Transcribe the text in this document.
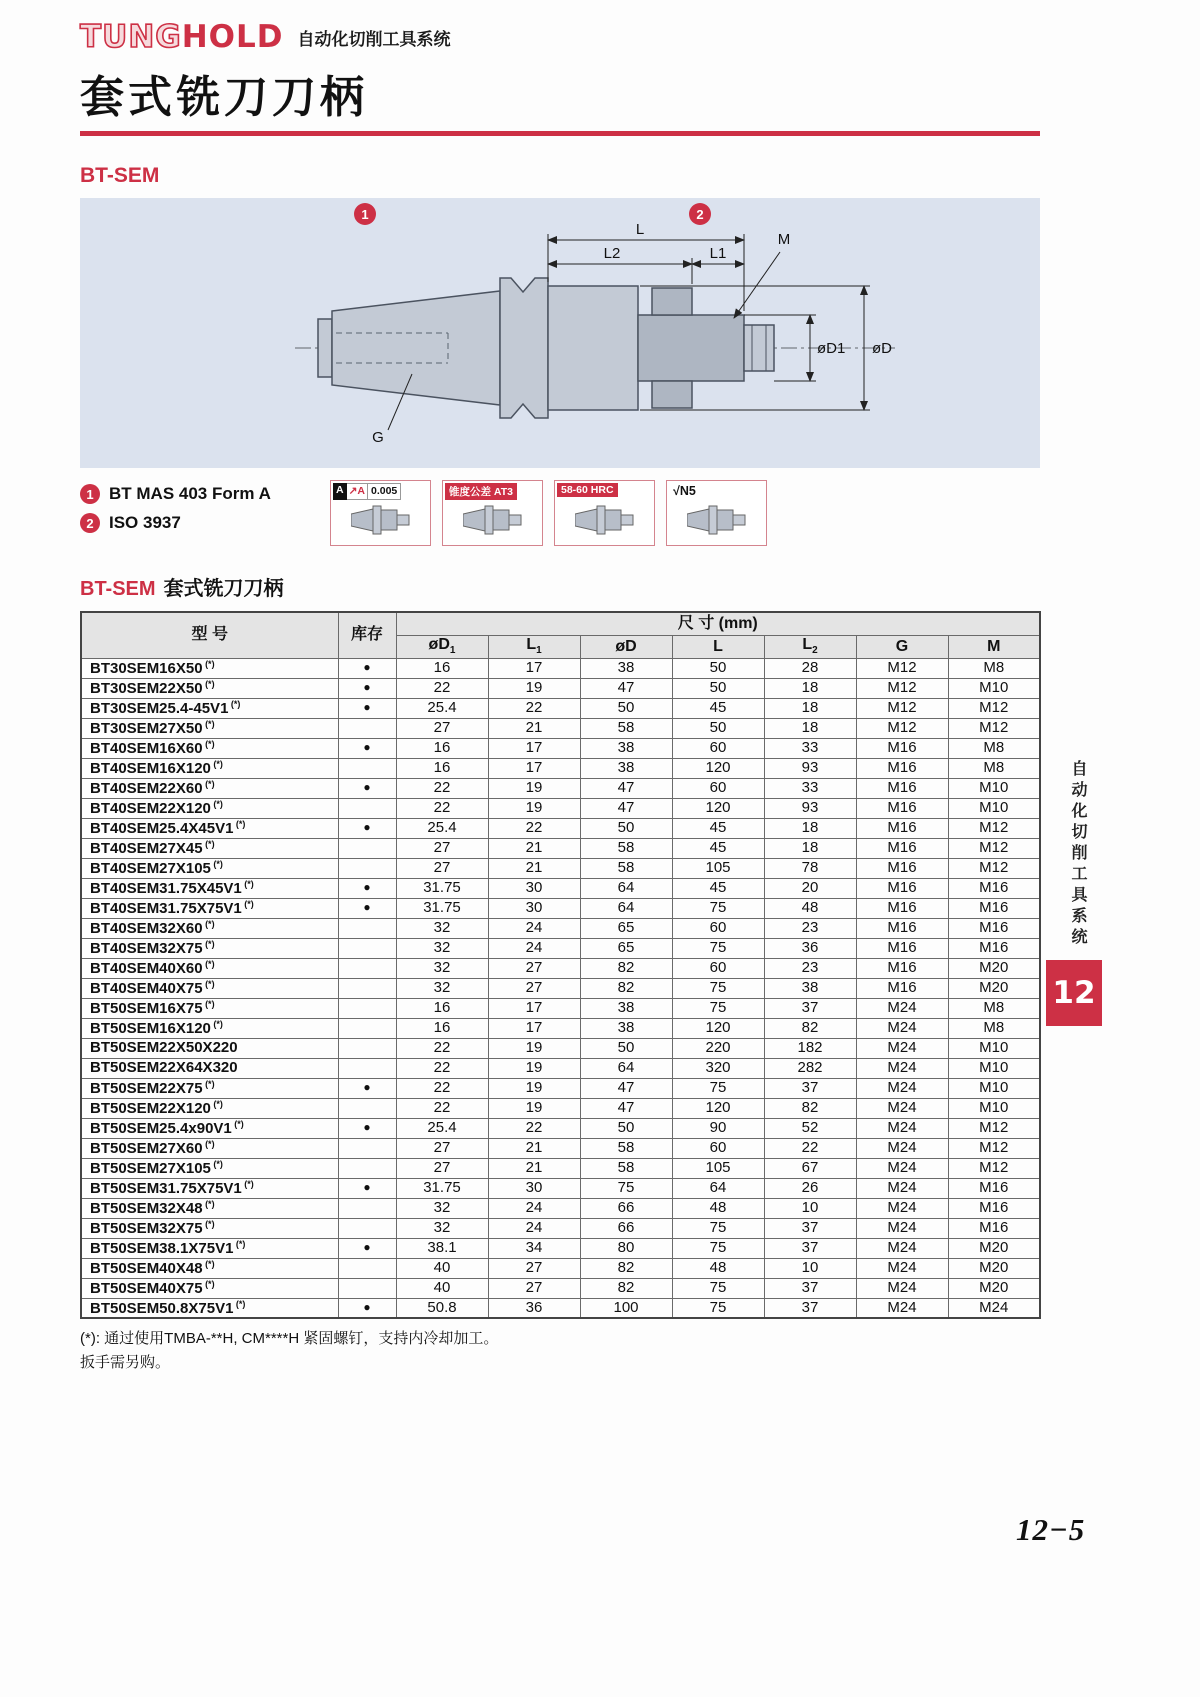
TUNGHOLD 自动化切削工具系统
套式铣刀刀柄
BT-SEM
L
L2	L1
M
øD1 øD
G
1	2
1 BT MAS 403 Form A
2 ISO 3937
A ↗A 0.005	锥度公差 AT3	58-60 HRC	√N5
BT-SEM 套式铣刀刀柄
型 号	库存	尺 寸 (mm)						
		$øD_1$	$L_1$	øD	L	$L_2$	G	M
BT30SEM16X50 (*)	●	16	17	38	50	28	M12	M8
BT30SEM22X50 (*)	●	22	19	47	50	18	M12	M10
BT30SEM25.4-45V1 (*)	●	25.4	22	50	45	18	M12	M12
BT30SEM27X50 (*)		27	21	58	50	18	M12	M12
BT40SEM16X60 (*)	●	16	17	38	60	33	M16	M8
BT40SEM16X120 (*)		16	17	38	120	93	M16	M8
BT40SEM22X60 (*)	●	22	19	47	60	33	M16	M10
BT40SEM22X120 (*)		22	19	47	120	93	M16	M10
BT40SEM25.4X45V1 (*)	●	25.4	22	50	45	18	M16	M12
BT40SEM27X45 (*)		27	21	58	45	18	M16	M12
BT40SEM27X105 (*)		27	21	58	105	78	M16	M12
BT40SEM31.75X45V1 (*)	●	31.75	30	64	45	20	M16	M16
BT40SEM31.75X75V1 (*)	●	31.75	30	64	75	48	M16	M16
BT40SEM32X60 (*)		32	24	65	60	23	M16	M16
BT40SEM32X75 (*)		32	24	65	75	36	M16	M16
BT40SEM40X60 (*)		32	27	82	60	23	M16	M20
BT40SEM40X75 (*)		32	27	82	75	38	M16	M20
BT50SEM16X75 (*)		16	17	38	75	37	M24	M8
BT50SEM16X120 (*)		16	17	38	120	82	M24	M8
BT50SEM22X50X220		22	19	50	220	182	M24	M10
BT50SEM22X64X320		22	19	64	320	282	M24	M10
BT50SEM22X75 (*)	●	22	19	47	75	37	M24	M10
BT50SEM22X120 (*)		22	19	47	120	82	M24	M10
BT50SEM25.4x90V1 (*)	●	25.4	22	50	90	52	M24	M12
BT50SEM27X60 (*)		27	21	58	60	22	M24	M12
BT50SEM27X105 (*)		27	21	58	105	67	M24	M12
BT50SEM31.75X75V1 (*)	●	31.75	30	75	64	26	M24	M16
BT50SEM32X48 (*)		32	24	66	48	10	M24	M16
BT50SEM32X75 (*)		32	24	66	75	37	M24	M16
BT50SEM38.1X75V1 (*)	●	38.1	34	80	75	37	M24	M20
BT50SEM40X48 (*)		40	27	82	48	10	M24	M20
BT50SEM40X75 (*)		40	27	82	75	37	M24	M20
BT50SEM50.8X75V1 (*)	●	50.8	36	100	75	37	M24	M24
(*): 通过使用TMBA-**H, CM****H 紧固螺钉，支持内冷却加工。
扳手需另购。
自动化切削工具系统
12
12−5
